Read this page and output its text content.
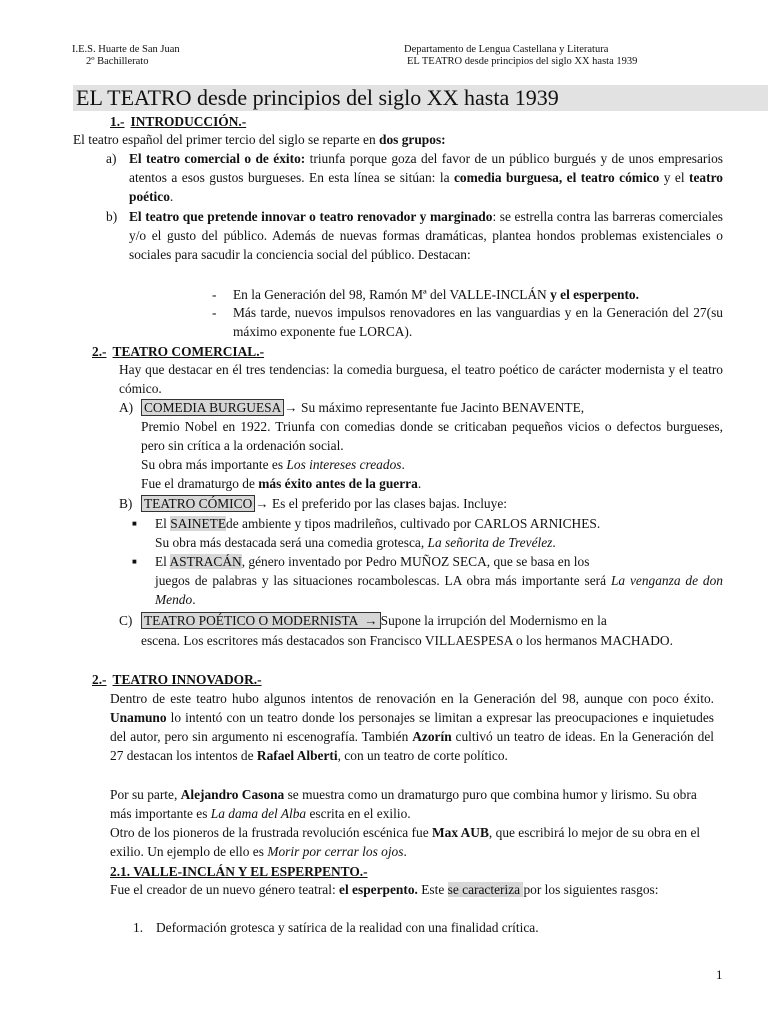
I.E.S. Huarte de San Juan
2º Bachillerato
Departamento de Lengua Castellana y Literatura
EL TEATRO desde principios del siglo XX hasta 1939
EL TEATRO desde principios del siglo XX hasta 1939
1.- INTRODUCCIÓN.-
El teatro español del primer tercio del siglo se reparte en dos grupos:
a) El teatro comercial o de éxito: triunfa porque goza del favor de un público burgués y de unos empresarios atentos a esos gustos burgueses. En esta línea se sitúan: la comedia burguesa, el teatro cómico y el teatro poético.
b) El teatro que pretende innovar o teatro renovador y marginado: se estrella contra las barreras comerciales y/o el gusto del público. Además de nuevas formas dramáticas, plantea hondos problemas existenciales o sociales para sacudir la conciencia social del público. Destacan:
- En la Generación del 98, Ramón Mª del VALLE-INCLÁN y el esperpento.
- Más tarde, nuevos impulsos renovadores en las vanguardias y en la Generación del 27(su máximo exponente fue LORCA).
2.- TEATRO COMERCIAL.-
Hay que destacar en él tres tendencias: la comedia burguesa, el teatro poético de carácter modernista y el teatro cómico.
A) COMEDIA BURGUESA → Su máximo representante fue Jacinto BENAVENTE,
Premio Nobel en 1922. Triunfa con comedias donde se criticaban pequeños vicios o defectos burgueses, pero sin crítica a la ordenación social.
Su obra más importante es Los intereses creados.
Fue el dramaturgo de más éxito antes de la guerra.
B) TEATRO CÓMICO → Es el preferido por las clases bajas. Incluye:
■ El SAINETEde ambiente y tipos madrileños, cultivado por CARLOS ARNICHES.
Su obra más destacada será una comedia grotesca, La señorita de Trevélez.
■ El ASTRACÁN, género inventado por Pedro MUÑOZ SECA, que se basa en los
juegos de palabras y las situaciones rocambolescas. LA obra más importante será La venganza de don Mendo.
C) TEATRO POÉTICO O MODERNISTA → Supone la irrupción del Modernismo en la
escena. Los escritores más destacados son Francisco VILLAESPESA o los hermanos MACHADO.
2.- TEATRO INNOVADOR.-
Dentro de este teatro hubo algunos intentos de renovación en la Generación del 98, aunque con poco éxito. Unamuno lo intentó con un teatro donde los personajes se limitan a expresar las preocupaciones e inquietudes del autor, pero sin argumento ni escenografía. También Azorín cultivó un teatro de ideas. En la Generación del 27 destacan los intentos de Rafael Alberti, con un teatro de corte político.
Por su parte, Alejandro Casona se muestra como un dramaturgo puro que combina humor y lirismo. Su obra más importante es La dama del Alba escrita en el exilio.
Otro de los pioneros de la frustrada revolución escénica fue Max AUB, que escribirá lo mejor de su obra en el exilio. Un ejemplo de ello es Morir por cerrar los ojos.
2.1. VALLE-INCLÁN Y EL ESPERPENTO.-
Fue el creador de un nuevo género teatral: el esperpento. Este se caracteriza por los siguientes rasgos:
1. Deformación grotesca y satírica de la realidad con una finalidad crítica.
1
